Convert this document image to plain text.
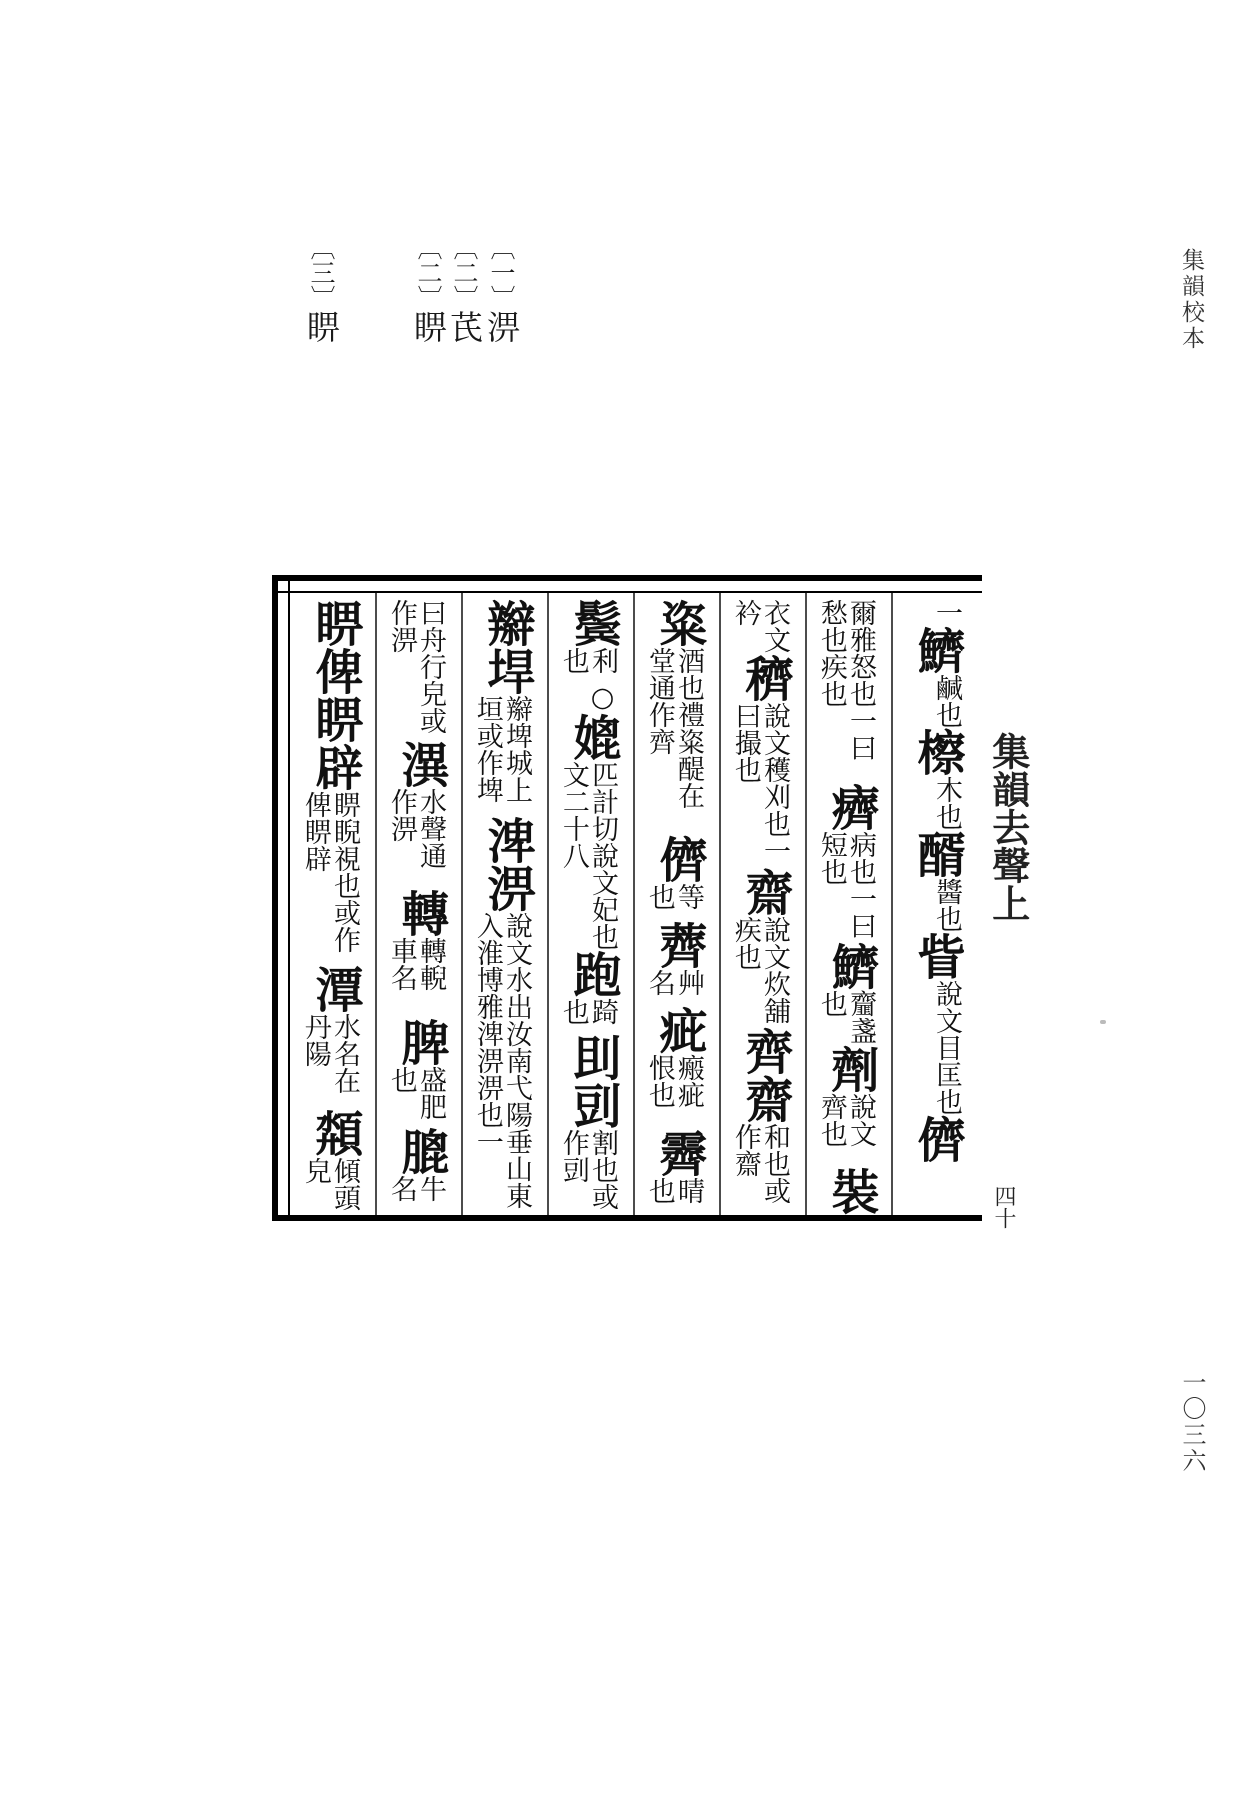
集韻校本
一〇三六
〔一〕淠
〔二〕芪
〔二〕睤
〔三〕睤
一
鱭
鹹也
檫
木也
醑
醬也
眥
說文目匡也
儕
爾雅怒也一曰愁也疾也
癠
病也一曰短也
鱭
齏盞也
劑
說文齊也
裝
衣文衿
穧
說文穫刈也一曰撮也
齋
說文炊舖疾也
齊
齋
和也或作齋
粢
酒也禮粢醍在堂通作齊
儕
等也
薺
艸名
疵
瘢疵恨也
霽
晴也
鬓
利也
○
媲
匹計切說文妃也文二十八
跑
踦也
刞
剅
割也或作剅
辮
垾
辮埤城上垣或作埤
渒
淠
說文水出汝南弋陽垂山東入淮博雅渒淠淠也一
曰舟行皃或作淠
潩
水聲通作淠
轉
轉輗車名
脾
盛肥也
膍
牛名
睤
俾
睤
辟
睤睨視也或作俾睤辟
潭
水名在丹陽
頮
傾頭皃
集韻去聲上
四十
